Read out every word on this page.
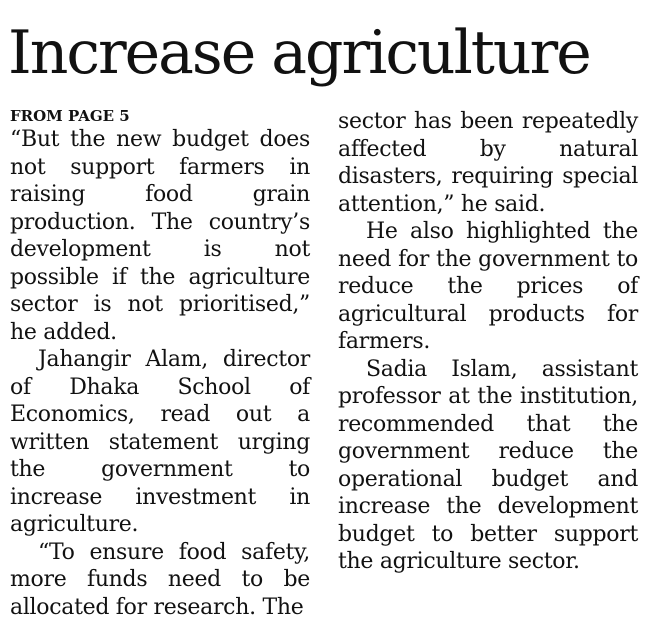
Increase agriculture

FROM PAGE 5

“But the new budget does not support farmers in raising food grain production. The country’s development is not possible if the agriculture sector is not prioritised,” he added.

Jahangir Alam, director of Dhaka School of Economics, read out a written statement urging the government to increase investment in agriculture.

“To ensure food safety, more funds need to be allocated for research. The

sector has been repeatedly affected by natural disasters, requiring special attention,” he said.

He also highlighted the need for the government to reduce the prices of agricultural products for farmers.

Sadia Islam, assistant professor at the institution, recommended that the government reduce the operational budget and increase the development budget to better support the agriculture sector.
